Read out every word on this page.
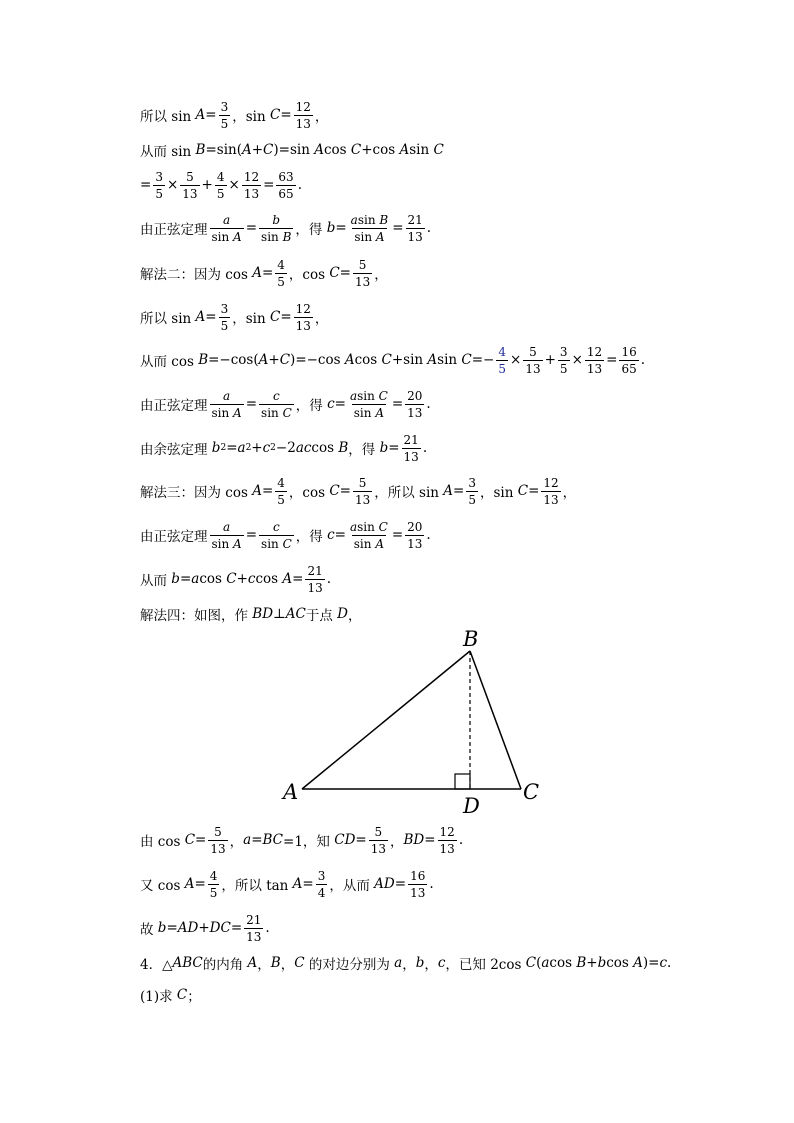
所以 $\sin A = \frac{3}{5}$ ，$\sin C = \frac{12}{13}$ ，
从而 sin B =sin( A + C )=sin A cos C +cos A sin C
= $\frac{3}{5} \times \frac{5}{13} + \frac{4}{5} \times \frac{12}{13} = \frac{63}{65}$ .
由正弦定理 $\frac{a}{\text{sin A}} = \frac{b}{\text{sin B}}$ ，得 $b = \frac{\text{asin B}}{\text{sin A}} = \frac{21}{13}$ .
解法二：因为 $\cos A = \frac{4}{5}$ ，$\cos C = \frac{5}{13}$ ，
所以 $\sin A = \frac{3}{5}$ ，$\sin C = \frac{12}{13}$ ，
从而 cos B =−cos( A + C )=−cos A cos C +sin A $\sin C =- \frac{4}{5} \times \frac{5}{13} + \frac{3}{5} \times \frac{12}{13} = \frac{16}{65}$ .
由正弦定理 $\frac{a}{\text{sin A}} = \frac{c}{\text{sin C}}$ ，得 $c = \frac{\text{asin C}}{\text{sin A}} = \frac{20}{13}$ .
由余弦定理 b 2 = a 2 + c 2 −2 ac cos B ，得 $b = \frac{21}{13}$ .
解法三：因为 $\cos A = \frac{4}{5}$ ，$\cos C = \frac{5}{13}$ ，所以 $\sin A = \frac{3}{5}$ ，$\sin C = \frac{12}{13}$ ，
由正弦定理 $\frac{a}{\text{sin A}} = \frac{c}{\text{sin C}}$ ，得 $c = \frac{\text{asin C}}{\text{sin A}} = \frac{20}{13}$ .
从而 b = a cos C + c $\cos A = \frac{21}{13}$ .
解法四：如图，作 BD ⊥ AC 于点 D ，
由 $\cos C = \frac{5}{13}$ ， a = BC =1，知 CD = $\frac{5}{13}$ ， BD = $\frac{12}{13}$ .
又 $\cos A = \frac{4}{5}$ ，所以 $\tan A = \frac{3}{4}$ ，从而 AD = $\frac{16}{13}$ .
故 b = AD + DC = $\frac{21}{13}$ .
4．△ ABC 的内角 A ， B ， C 的对边分别为 a ， b ， c ，已知 2cos C ( a cos B + b cos A )= c .
(1)求 C ；
A
B
C
D
